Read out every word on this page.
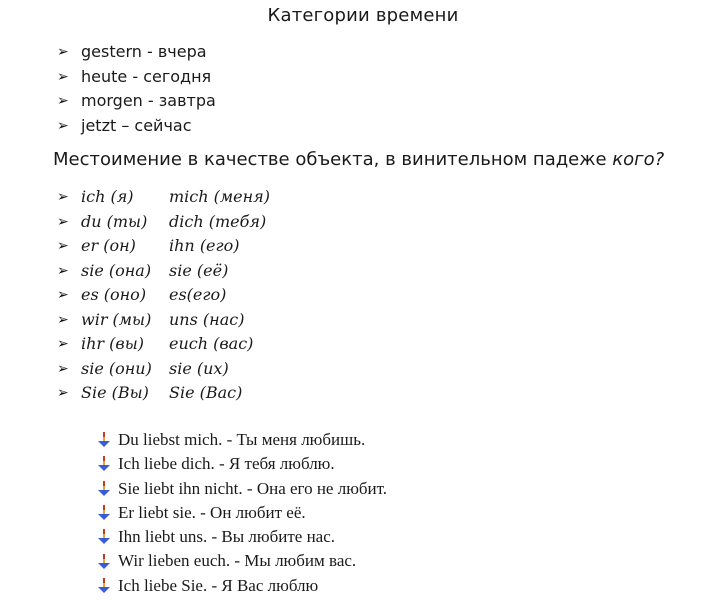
Категории времени
➢ gestern - вчера
➢ heute - сегодня
➢ morgen - завтра
➢ jetzt – сейчас
Местоимение в качестве объекта, в винительном падеже кого?
➢ ich (я)	mich (меня)
➢ du (ты)	dich (тебя)
➢ er (он)	ihn (его)
➢ sie (она)	sie (её)
➢ es (оно)	es(его)
➢ wir (мы)	uns (нас)
➢ ihr (вы)	euch (вас)
➢ sie (они)	sie (их)
➢ Sie (Вы)	Sie (Вас)
Du liebst mich. - Ты меня любишь.
Ich liebe dich. - Я тебя люблю.
Sie liebt ihn nicht. - Она его не любит.
Er liebt sie. - Он любит её.
Ihn liebt uns. - Вы любите нас.
Wir lieben euch. - Мы любим вас.
Ich liebe Sie. - Я Вас люблю
